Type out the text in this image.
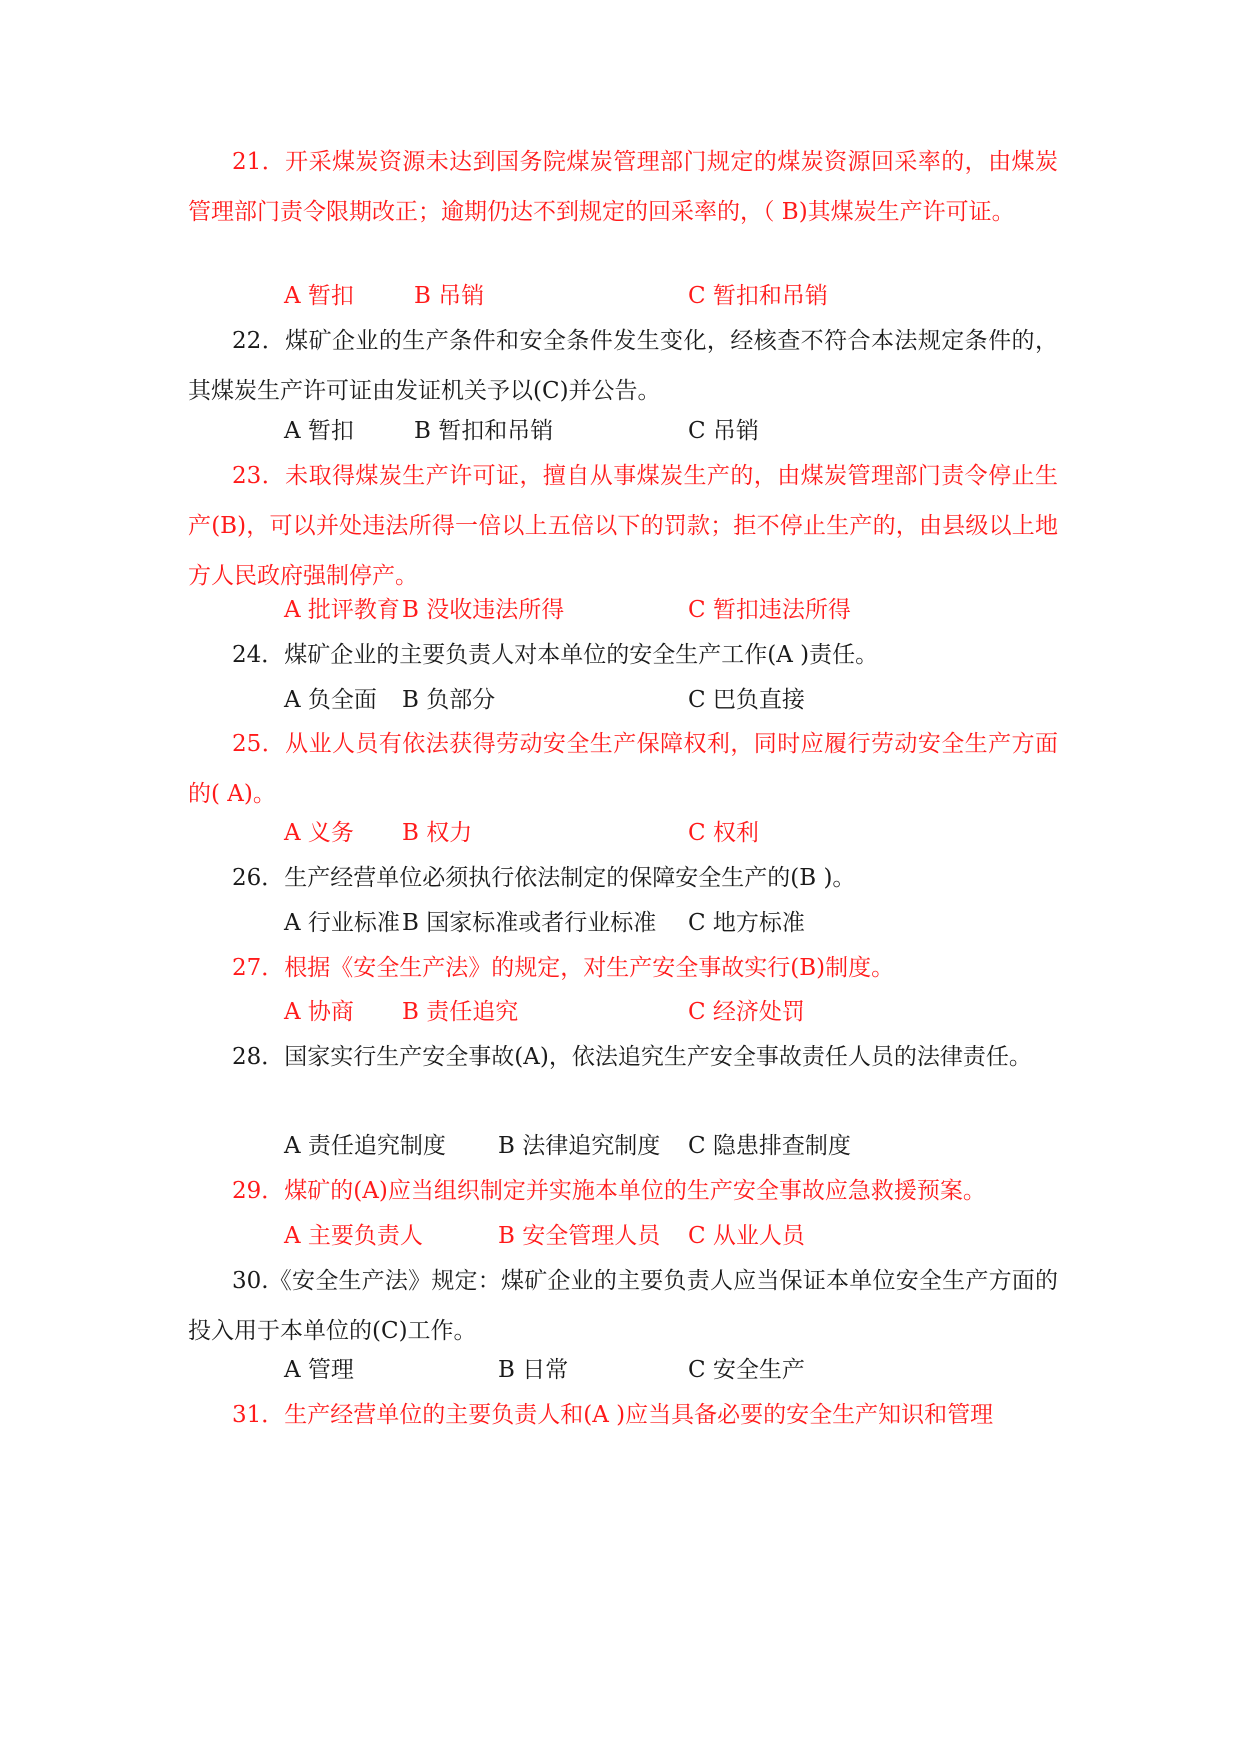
21．开采煤炭资源未达到国务院煤炭管理部门规定的煤炭资源回采率的，由煤炭管理部门责令限期改正；逾期仍达不到规定的回采率的，（ B)其煤炭生产许可证。

A 暂扣	B 吊销	C 暂扣和吊销

22．煤矿企业的生产条件和安全条件发生变化，经核查不符合本法规定条件的，其煤炭生产许可证由发证机关予以(C)并公告。

A 暂扣	B 暂扣和吊销	C 吊销

23．未取得煤炭生产许可证，擅自从事煤炭生产的，由煤炭管理部门责令停止生产(B)，可以并处违法所得一倍以上五倍以下的罚款；拒不停止生产的，由县级以上地方人民政府强制停产。

A 批评教育 B 没收违法所得	C 暂扣违法所得

24．煤矿企业的主要负责人对本单位的安全生产工作(A )责任。

A 负全面 B 负部分	C 巴负直接

25．从业人员有依法获得劳动安全生产保障权利，同时应履行劳动安全生产方面的( A)。

A 义务 B 权力	C 权利

26．生产经营单位必须执行依法制定的保障安全生产的(B )。

A 行业标准 B 国家标准或者行业标准 C 地方标准

27．根据《安全生产法》的规定，对生产安全事故实行(B)制度。

A 协商 B 责任追究	C 经济处罚

28．国家实行生产安全事故(A)，依法追究生产安全事故责任人员的法律责任。

A 责任追究制度 B 法律追究制度 C 隐患排查制度

29．煤矿的(A)应当组织制定并实施本单位的生产安全事故应急救援预案。

A 主要负责人	B 安全管理人员 C 从业人员

30.《安全生产法》规定：煤矿企业的主要负责人应当保证本单位安全生产方面的投入用于本单位的(C)工作。

A 管理	B 日常	C 安全生产

31．生产经营单位的主要负责人和(A )应当具备必要的安全生产知识和管理
